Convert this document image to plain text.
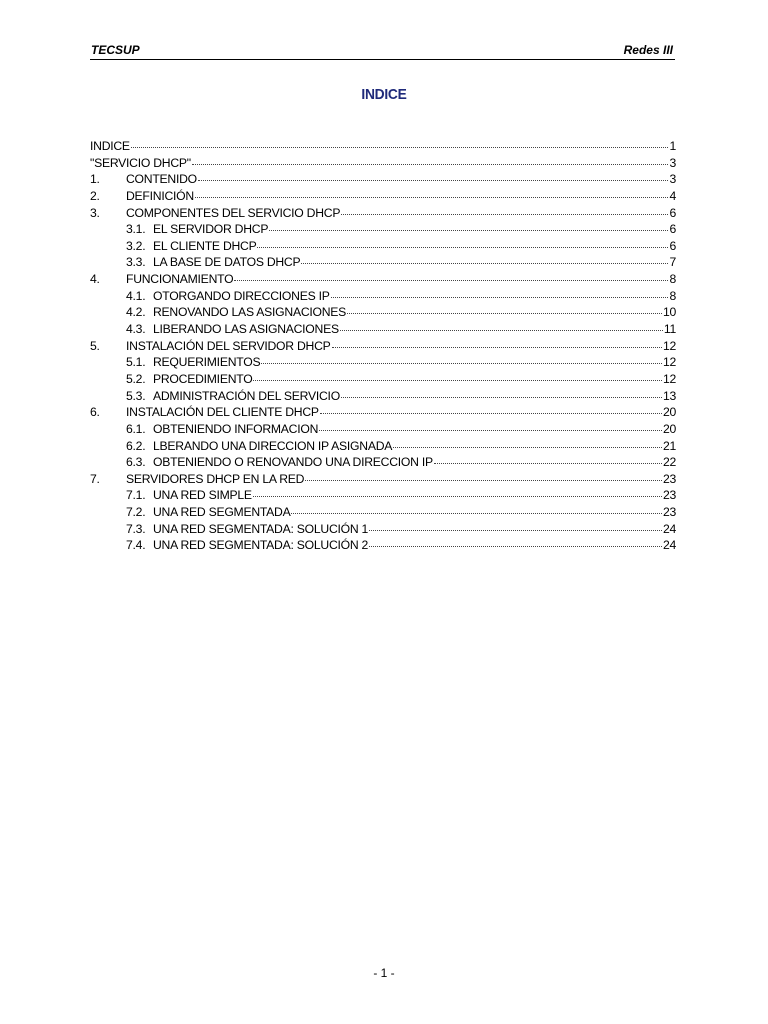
TECSUP	Redes III
INDICE
INDICE	1
"SERVICIO DHCP"	3
1.	CONTENIDO	3
2.	DEFINICIÓN	4
3.	COMPONENTES DEL SERVICIO DHCP	6
3.1. EL SERVIDOR DHCP	6
3.2. EL CLIENTE DHCP	6
3.3. LA BASE DE DATOS DHCP	7
4.	FUNCIONAMIENTO	8
4.1. OTORGANDO DIRECCIONES IP	8
4.2. RENOVANDO LAS ASIGNACIONES	10
4.3. LIBERANDO LAS ASIGNACIONES	11
5.	INSTALACIÓN DEL SERVIDOR DHCP	12
5.1. REQUERIMIENTOS	12
5.2. PROCEDIMIENTO	12
5.3. ADMINISTRACIÓN DEL SERVICIO	13
6.	INSTALACIÓN DEL CLIENTE DHCP	20
6.1. OBTENIENDO INFORMACION	20
6.2. LBERANDO UNA DIRECCION IP ASIGNADA	21
6.3. OBTENIENDO O RENOVANDO UNA DIRECCION IP	22
7.	SERVIDORES DHCP EN LA RED	23
7.1. UNA RED SIMPLE	23
7.2. UNA RED SEGMENTADA	23
7.3. UNA RED SEGMENTADA: SOLUCIÓN 1	24
7.4. UNA RED SEGMENTADA: SOLUCIÓN 2	24
- 1 -
